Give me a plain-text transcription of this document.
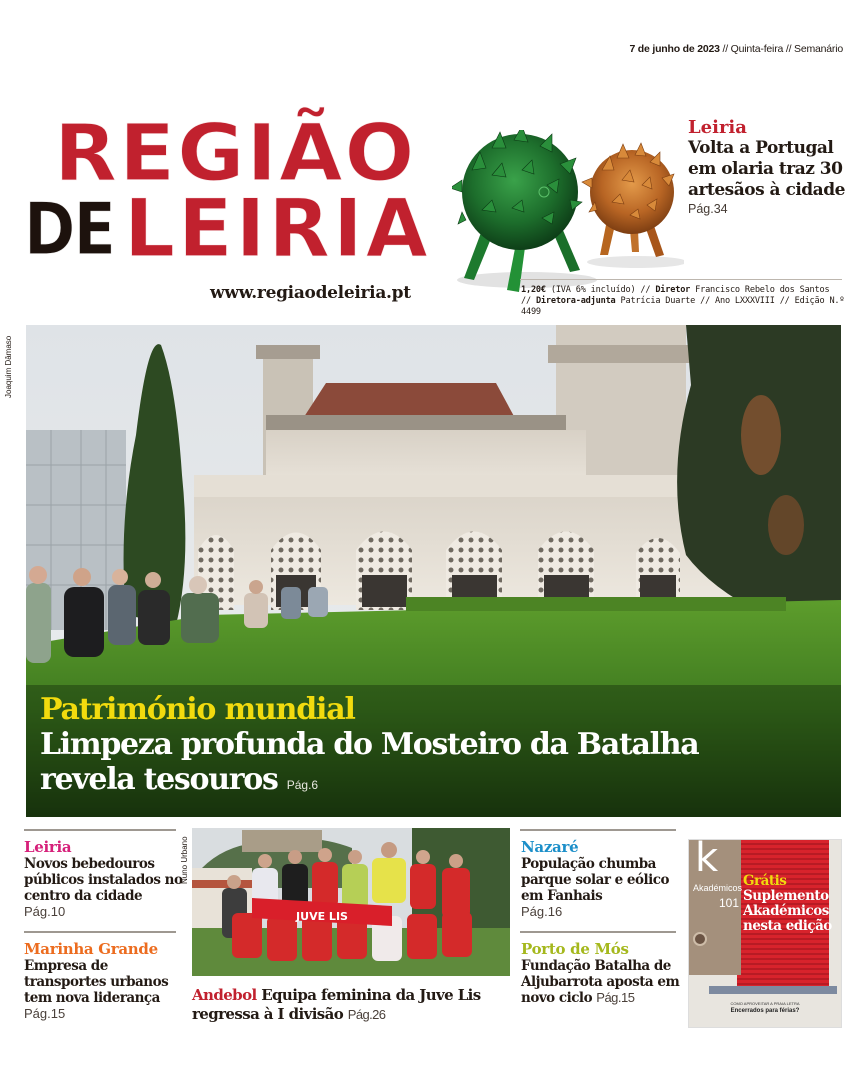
7 de junho de 2023 // Quinta-feira // Semanário
REGIÃO
DE LEIRIA
www.regiaodeleiria.pt
Leiria
Volta a Portugal em olaria traz 30 artesãos à cidade
Pág.34
1,20€ (IVA 6% incluído) // Diretor Francisco Rebelo dos Santos
// Diretora-adjunta Patrícia Duarte // Ano LXXXVIII // Edição N.º 4499
Joaquim Dâmaso
Património mundial
Limpeza profunda do Mosteiro da Batalha
revela tesouros Pág.6
Leiria
Novos bebedouros públicos instalados no centro da cidade
Pág.10
Marinha Grande
Empresa de transportes urbanos tem nova liderança
Pág.15
Nuno Urbano
JUVE LIS
Andebol Equipa feminina da Juve Lis regressa à I divisão Pág.26
Nazaré
População chumba parque solar e eólico em Fanhais
Pág.16
Porto de Mós
Fundação Batalha de Aljubarrota aposta em novo ciclo Pág.15
k
Akadémicos
101
Grátis
Suplemento Akadémicos nesta edição
COMO APROVEITAR A PRAIA LETRA
Encerrados para férias?
